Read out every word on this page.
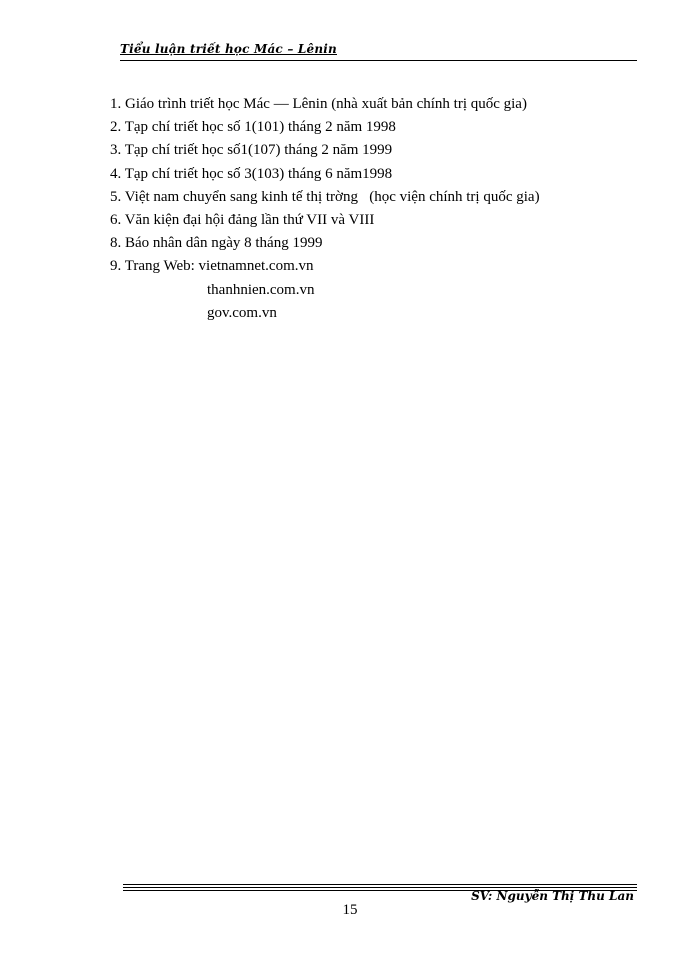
Tiểu luận triết học Mác – Lênin
1. Giáo trình triết học Mác — Lênin (nhà xuất bản chính trị quốc gia)
2. Tạp chí triết học số 1(101) tháng 2 năm 1998
3. Tạp chí triết học số1(107) tháng 2 năm 1999
4. Tạp chí triết học số 3(103) tháng 6 năm1998
5. Việt nam chuyển sang kinh tế thị trờng   (học viện chính trị quốc gia)
6. Văn kiện đại hội đảng lần thứ VII và VIII
8. Báo nhân dân ngày 8 tháng 1999
9. Trang Web: vietnamnet.com.vn
thanhnien.com.vn
gov.com.vn
SV: Nguyễn Thị Thu Lan
15
